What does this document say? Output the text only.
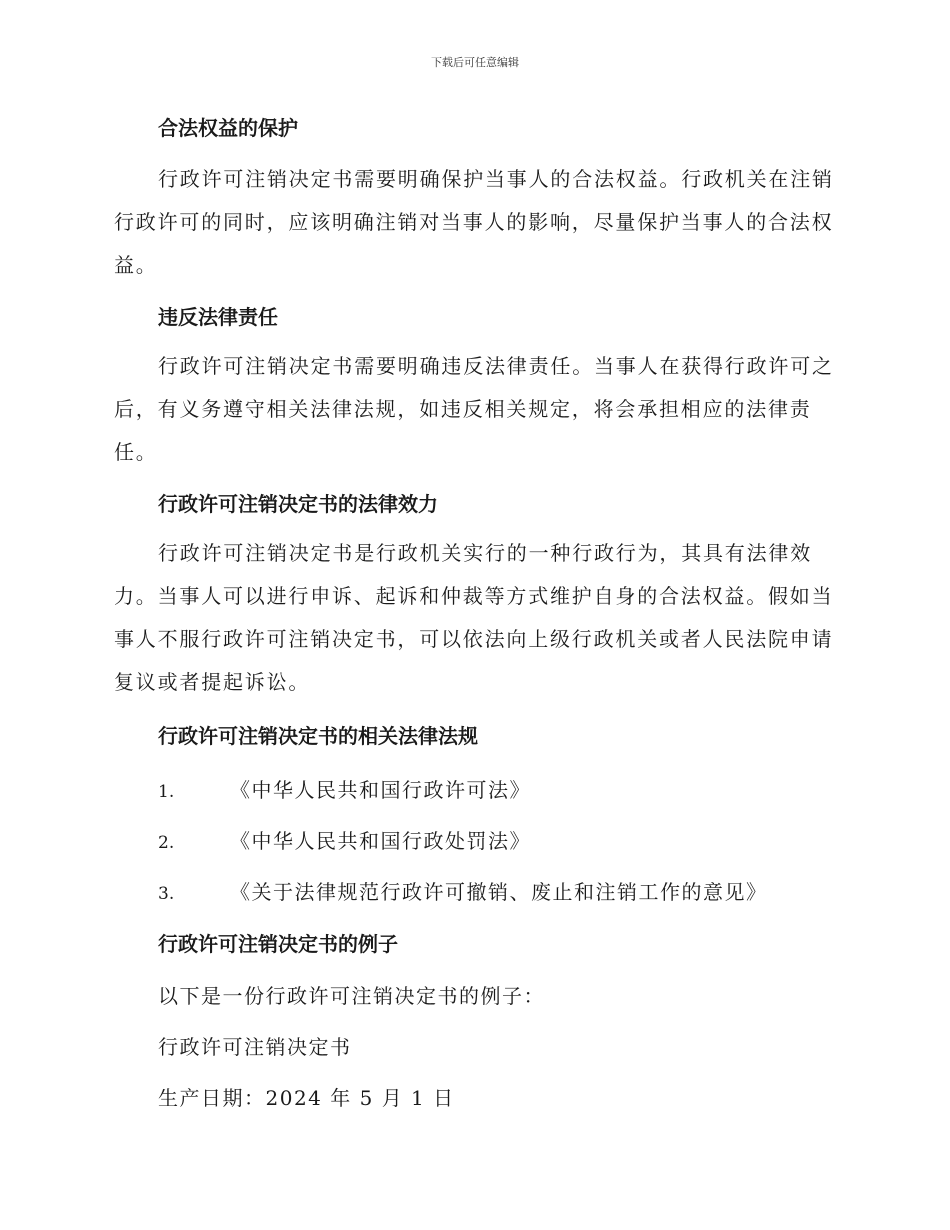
下载后可任意编辑
合法权益的保护
行政许可注销决定书需要明确保护当事人的合法权益。行政机关在注销行政许可的同时，应该明确注销对当事人的影响，尽量保护当事人的合法权益。
违反法律责任
行政许可注销决定书需要明确违反法律责任。当事人在获得行政许可之后，有义务遵守相关法律法规，如违反相关规定，将会承担相应的法律责任。
行政许可注销决定书的法律效力
行政许可注销决定书是行政机关实行的一种行政行为，其具有法律效力。当事人可以进行申诉、起诉和仲裁等方式维护自身的合法权益。假如当事人不服行政许可注销决定书，可以依法向上级行政机关或者人民法院申请复议或者提起诉讼。
行政许可注销决定书的相关法律法规
1.	《中华人民共和国行政许可法》
2.	《中华人民共和国行政处罚法》
3.	《关于法律规范行政许可撤销、废止和注销工作的意见》
行政许可注销决定书的例子
以下是一份行政许可注销决定书的例子：
行政许可注销决定书
生产日期：2024 年 5 月 1 日
